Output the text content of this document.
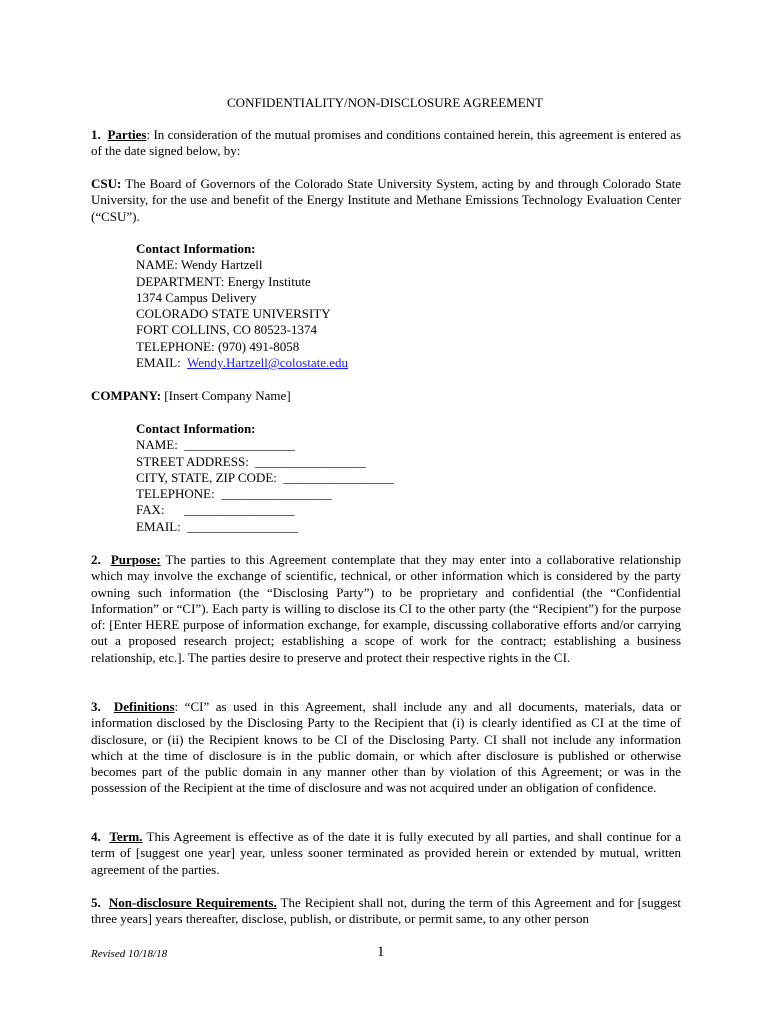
CONFIDENTIALITY/NON-DISCLOSURE AGREEMENT

1. Parties: In consideration of the mutual promises and conditions contained herein, this agreement is entered as of the date signed below, by:

CSU: The Board of Governors of the Colorado State University System, acting by and through Colorado State University, for the use and benefit of the Energy Institute and Methane Emissions Technology Evaluation Center (“CSU”).

Contact Information:
NAME: Wendy Hartzell
DEPARTMENT: Energy Institute
1374 Campus Delivery
COLORADO STATE UNIVERSITY
FORT COLLINS, CO 80523-1374
TELEPHONE: (970) 491-8058
EMAIL:  Wendy.Hartzell@colostate.edu

COMPANY: [Insert Company Name]

Contact Information:
NAME:  _________________
STREET ADDRESS:  _________________
CITY, STATE, ZIP CODE:  _________________
TELEPHONE:  _________________
FAX:      _________________
EMAIL:  _________________

2. Purpose: The parties to this Agreement contemplate that they may enter into a collaborative relationship which may involve the exchange of scientific, technical, or other information which is considered by the party owning such information (the “Disclosing Party”) to be proprietary and confidential (the “Confidential Information” or “CI”). Each party is willing to disclose its CI to the other party (the “Recipient”) for the purpose of: [Enter HERE purpose of information exchange, for example, discussing collaborative efforts and/or carrying out a proposed research project; establishing a scope of work for the contract; establishing a business relationship, etc.]. The parties desire to preserve and protect their respective rights in the CI.

3. Definitions: “CI” as used in this Agreement, shall include any and all documents, materials, data or information disclosed by the Disclosing Party to the Recipient that (i) is clearly identified as CI at the time of disclosure, or (ii) the Recipient knows to be CI of the Disclosing Party. CI shall not include any information which at the time of disclosure is in the public domain, or which after disclosure is published or otherwise becomes part of the public domain in any manner other than by violation of this Agreement; or was in the possession of the Recipient at the time of disclosure and was not acquired under an obligation of confidence.

4. Term. This Agreement is effective as of the date it is fully executed by all parties, and shall continue for a term of [suggest one year] year, unless sooner terminated as provided herein or extended by mutual, written agreement of the parties.

5. Non-disclosure Requirements. The Recipient shall not, during the term of this Agreement and for [suggest three years] years thereafter, disclose, publish, or distribute, or permit same, to any other person

Revised 10/18/18	1
